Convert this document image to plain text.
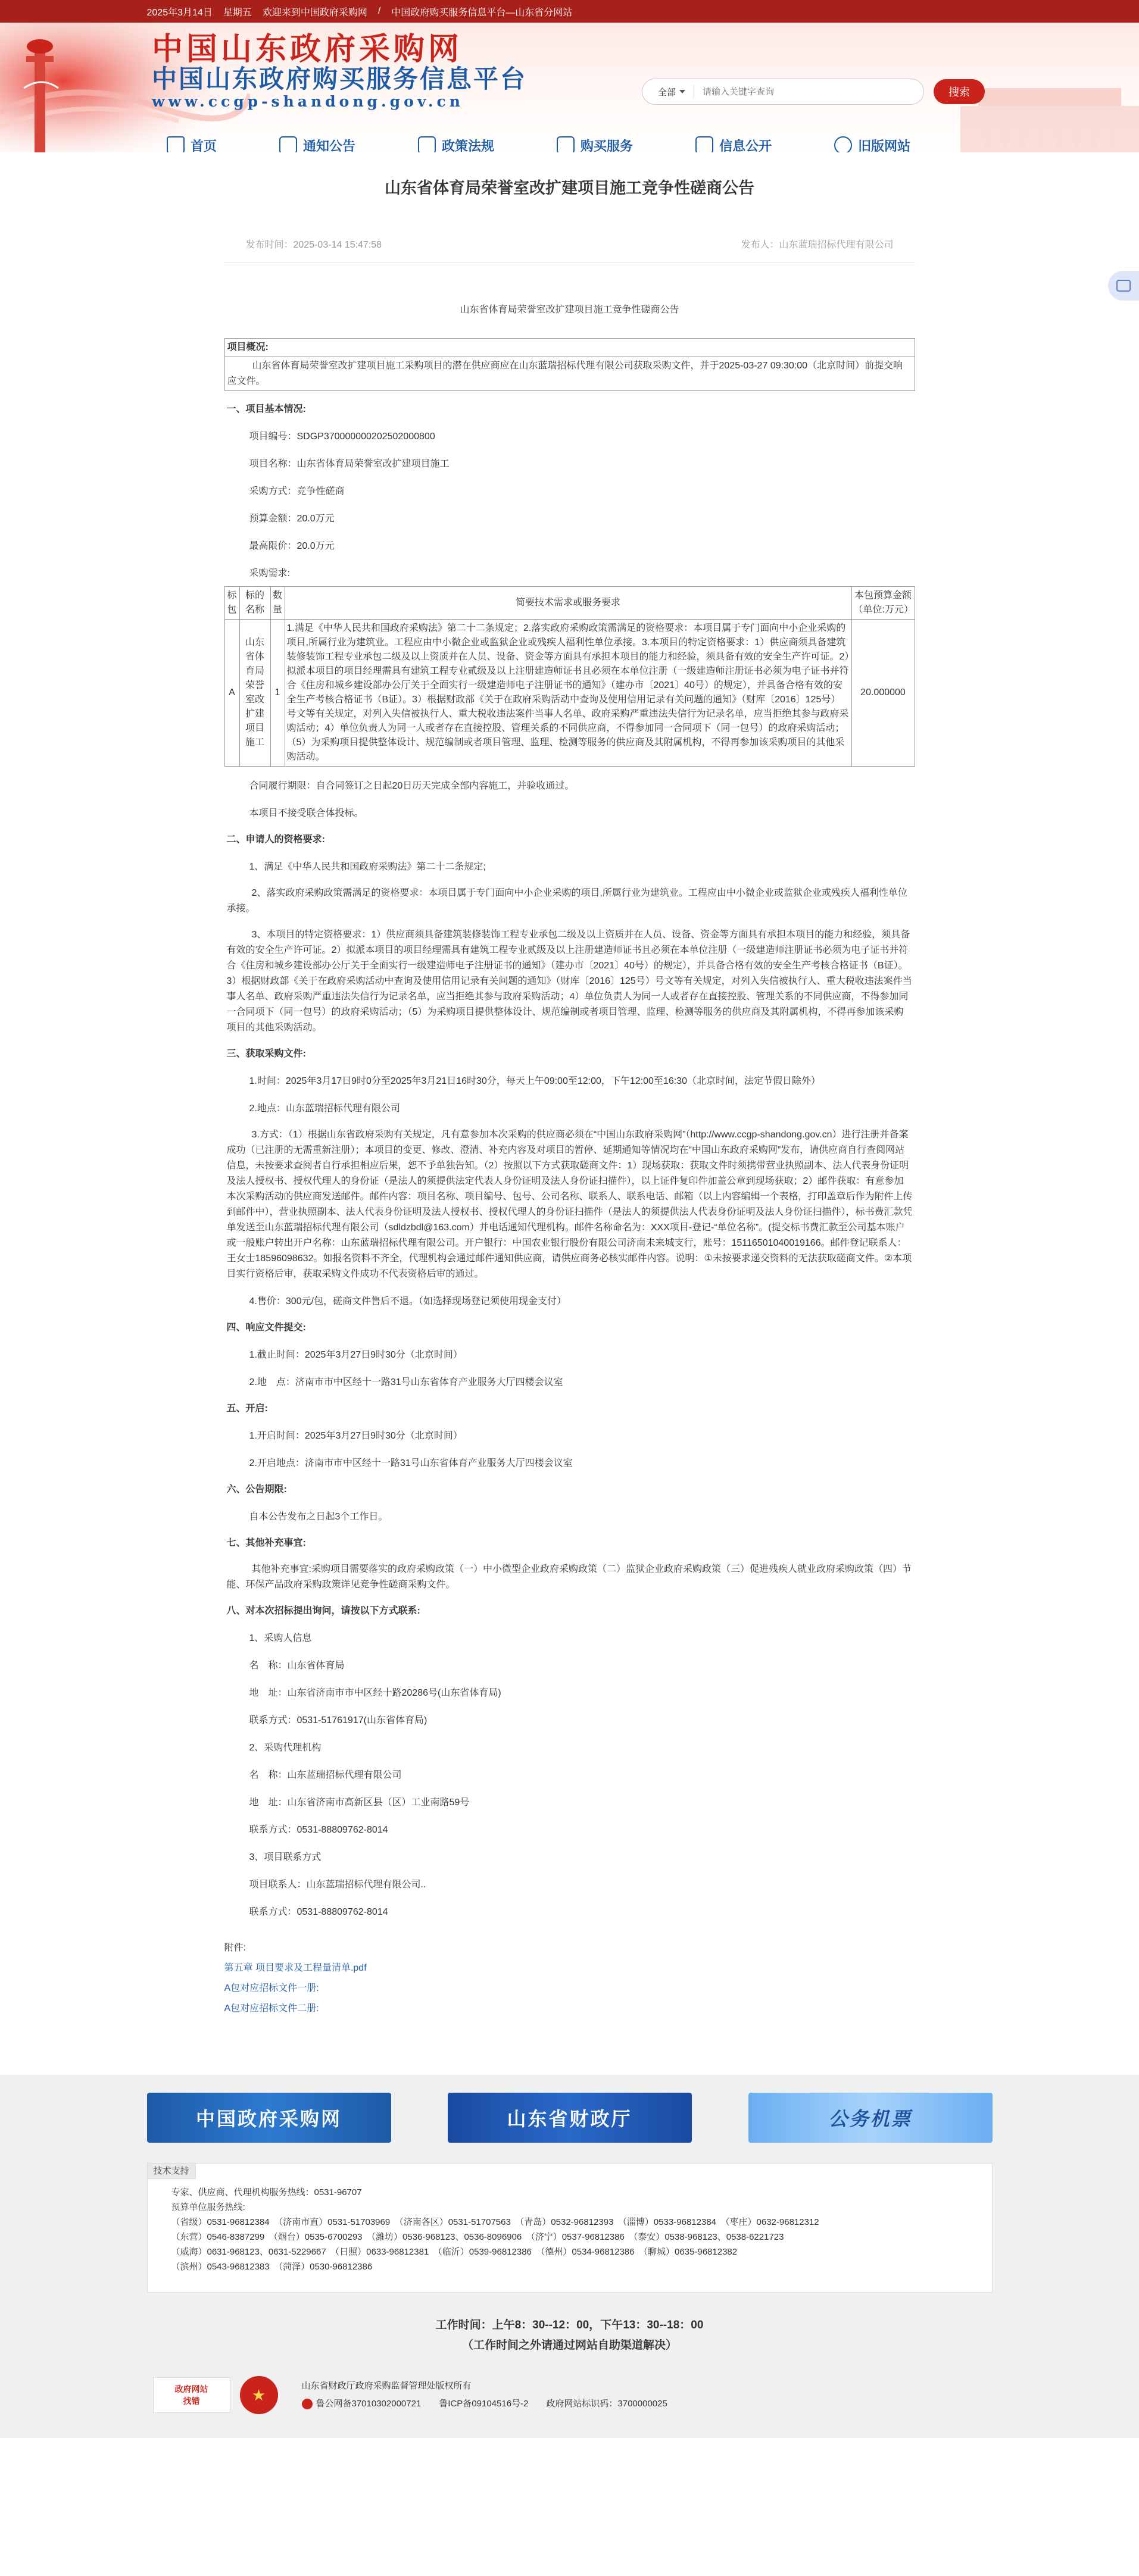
2025年3月14日 星期五 欢迎来到中国政府采购网 / 中国政府购买服务信息平台—山东省分网站
中国山东政府采购网
中国山东政府购买服务信息平台
www.ccgp-shandong.gov.cn
全部
请输入关键字查询	搜索
首页	通知公告	政策法规	购买服务	信息公开	旧版网站
山东省体育局荣誉室改扩建项目施工竞争性磋商公告
发布时间：2025-03-14 15:47:58	发布人：山东蓝瑞招标代理有限公司
山东省体育局荣誉室改扩建项目施工竞争性磋商公告
项目概况:
山东省体育局荣誉室改扩建项目施工采购项目的潜在供应商应在山东蓝瑞招标代理有限公司获取采购文件，并于2025-03-27 09:30:00（北京时间）前提交响应文件。
一、项目基本情况:
项目编号：SDGP370000000202502000800
项目名称：山东省体育局荣誉室改扩建项目施工
采购方式：竞争性磋商
预算金额：20.0万元
最高限价：20.0万元
采购需求:
标包	标的名称	数量	简要技术需求或服务要求	本包预算金额（单位:万元）
A	山东省体育局荣誉室改扩建项目施工	1	1.满足《中华人民共和国政府采购法》第二十二条规定；2.落实政府采购政策需满足的资格要求：本项目属于专门面向中小企业采购的项目,所属行业为建筑业。工程应由中小微企业或监狱企业或残疾人福利性单位承接。3.本项目的特定资格要求：1）供应商须具备建筑装修装饰工程专业承包二级及以上资质并在人员、设备、资金等方面具有承担本项目的能力和经验，须具备有效的安全生产许可证。2）拟派本项目的项目经理需具有建筑工程专业贰级及以上注册建造师证书且必须在本单位注册（一级建造师注册证书必须为电子证书并符合《住房和城乡建设部办公厅关于全面实行一级建造师电子注册证书的通知》（建办市〔2021〕40号）的规定），并具备合格有效的安全生产考核合格证书（B证）。3）根据财政部《关于在政府采购活动中查询及使用信用记录有关问题的通知》（财库〔2016〕125号）号文等有关规定，对列入失信被执行人、重大税收违法案件当事人名单、政府采购严重违法失信行为记录名单，应当拒绝其参与政府采购活动；4）单位负责人为同一人或者存在直接控股、管理关系的不同供应商，不得参加同一合同项下（同一包号）的政府采购活动；（5）为采购项目提供整体设计、规范编制或者项目管理、监理、检测等服务的供应商及其附属机构，不得再参加该采购项目的其他采购活动。	20.000000
合同履行期限：自合同签订之日起20日历天完成全部内容施工，并验收通过。
本项目不接受联合体投标。
二、申请人的资格要求:
1、满足《中华人民共和国政府采购法》第二十二条规定;
2、落实政府采购政策需满足的资格要求：本项目属于专门面向中小企业采购的项目,所属行业为建筑业。工程应由中小微企业或监狱企业或残疾人福利性单位承接。
3、本项目的特定资格要求：1）供应商须具备建筑装修装饰工程专业承包二级及以上资质并在人员、设备、资金等方面具有承担本项目的能力和经验，须具备有效的安全生产许可证。2）拟派本项目的项目经理需具有建筑工程专业贰级及以上注册建造师证书且必须在本单位注册（一级建造师注册证书必须为电子证书并符合《住房和城乡建设部办公厅关于全面实行一级建造师电子注册证书的通知》（建办市〔2021〕40号）的规定），并具备合格有效的安全生产考核合格证书（B证）。3）根据财政部《关于在政府采购活动中查询及使用信用记录有关问题的通知》（财库〔2016〕125号）号文等有关规定，对列入失信被执行人、重大税收违法案件当事人名单、政府采购严重违法失信行为记录名单，应当拒绝其参与政府采购活动；4）单位负责人为同一人或者存在直接控股、管理关系的不同供应商，不得参加同一合同项下（同一包号）的政府采购活动；（5）为采购项目提供整体设计、规范编制或者项目管理、监理、检测等服务的供应商及其附属机构，不得再参加该采购项目的其他采购活动。
三、获取采购文件:
1.时间：2025年3月17日9时0分至2025年3月21日16时30分，每天上午09:00至12:00，下午12:00至16:30（北京时间，法定节假日除外）
2.地点：山东蓝瑞招标代理有限公司
3.方式：（1）根据山东省政府采购有关规定，凡有意参加本次采购的供应商必须在“中国山东政府采购网”（http://www.ccgp-shandong.gov.cn）进行注册并备案成功（已注册的无需重新注册）；本项目的变更、修改、澄清、补充内容及对项目的暂停、延期通知等情况均在“中国山东政府采购网”发布，请供应商自行查阅网站信息，未按要求查阅者自行承担相应后果，恕不予单独告知。（2）按照以下方式获取磋商文件：1）现场获取：获取文件时须携带营业执照副本、法人代表身份证明及法人授权书、授权代理人的身份证（是法人的须提供法定代表人身份证明及法人身份证扫描件），以上证件复印件加盖公章到现场获取；2）邮件获取：有意参加本次采购活动的供应商发送邮件。邮件内容：项目名称、项目编号、包号、公司名称、联系人、联系电话、邮箱（以上内容编辑一个表格，打印盖章后作为附件上传到邮件中），营业执照副本、法人代表身份证明及法人授权书、授权代理人的身份证扫描件（是法人的须提供法人代表身份证明及法人身份证扫描件），标书费汇款凭单发送至山东蓝瑞招标代理有限公司（sdldzbdl@163.com）并电话通知代理机构。邮件名称命名为：XXX项目-登记-“单位名称”。(提交标书费汇款至公司基本账户或一般账户转出开户名称：山东蓝瑞招标代理有限公司。开户银行：中国农业银行股份有限公司济南未来城支行，账号：15116501040019166。邮件登记联系人：王女士18596098632。如报名资料不齐全，代理机构会通过邮件通知供应商，请供应商务必核实邮件内容。说明：①未按要求递交资料的无法获取磋商文件。②本项目实行资格后审，获取采购文件成功不代表资格后审的通过。
4.售价：300元/包，磋商文件售后不退。（如选择现场登记须使用现金支付）
四、响应文件提交:
1.截止时间：2025年3月27日9时30分（北京时间）
2.地　点：济南市市中区经十一路31号山东省体育产业服务大厅四楼会议室
五、开启:
1.开启时间：2025年3月27日9时30分（北京时间）
2.开启地点：济南市市中区经十一路31号山东省体育产业服务大厅四楼会议室
六、公告期限:
自本公告发布之日起3个工作日。
七、其他补充事宜:
其他补充事宜:采购项目需要落实的政府采购政策（一）中小微型企业政府采购政策（二）监狱企业政府采购政策（三）促进残疾人就业政府采购政策（四）节能、环保产品政府采购政策详见竞争性磋商采购文件。
八、对本次招标提出询问，请按以下方式联系:
1、采购人信息
名　称：山东省体育局
地　址：山东省济南市市中区经十路20286号(山东省体育局)
联系方式：0531-51761917(山东省体育局)
2、采购代理机构
名　称：山东蓝瑞招标代理有限公司
地　址：山东省济南市高新区县（区）工业南路59号
联系方式：0531-88809762-8014
3、项目联系方式
项目联系人：山东蓝瑞招标代理有限公司..
联系方式：0531-88809762-8014
附件:
第五章 项目要求及工程量清单.pdf
A包对应招标文件一册:
A包对应招标文件二册:
中国政府采购网	山东省财政厅	公务机票
技术支持
专家、供应商、代理机构服务热线：0531-96707
预算单位服务热线:
（省级）0531-96812384　（济南市直）0531-51703969　（济南各区）0531-51707563　（青岛）0532-96812393　（淄博）0533-96812384　（枣庄）0632-96812312
（东营）0546-8387299　（烟台）0535-6700293　（潍坊）0536-968123、0536-8096906　（济宁）0537-96812386　（泰安）0538-968123、0538-6221723
（威海）0631-968123、0631-5229667　（日照）0633-96812381　（临沂）0539-96812386　（德州）0534-96812386　（聊城）0635-96812382
（滨州）0543-96812383　（菏泽）0530-96812386
工作时间：上午8：30--12：00，下午13：30--18：00
（工作时间之外请通过网站自助渠道解决）
政府网站
找错	★	山东省财政厅政府采购监督管理处版权所有
鲁公网备37010302000721 鲁ICP备09104516号-2 政府网站标识码：3700000025
